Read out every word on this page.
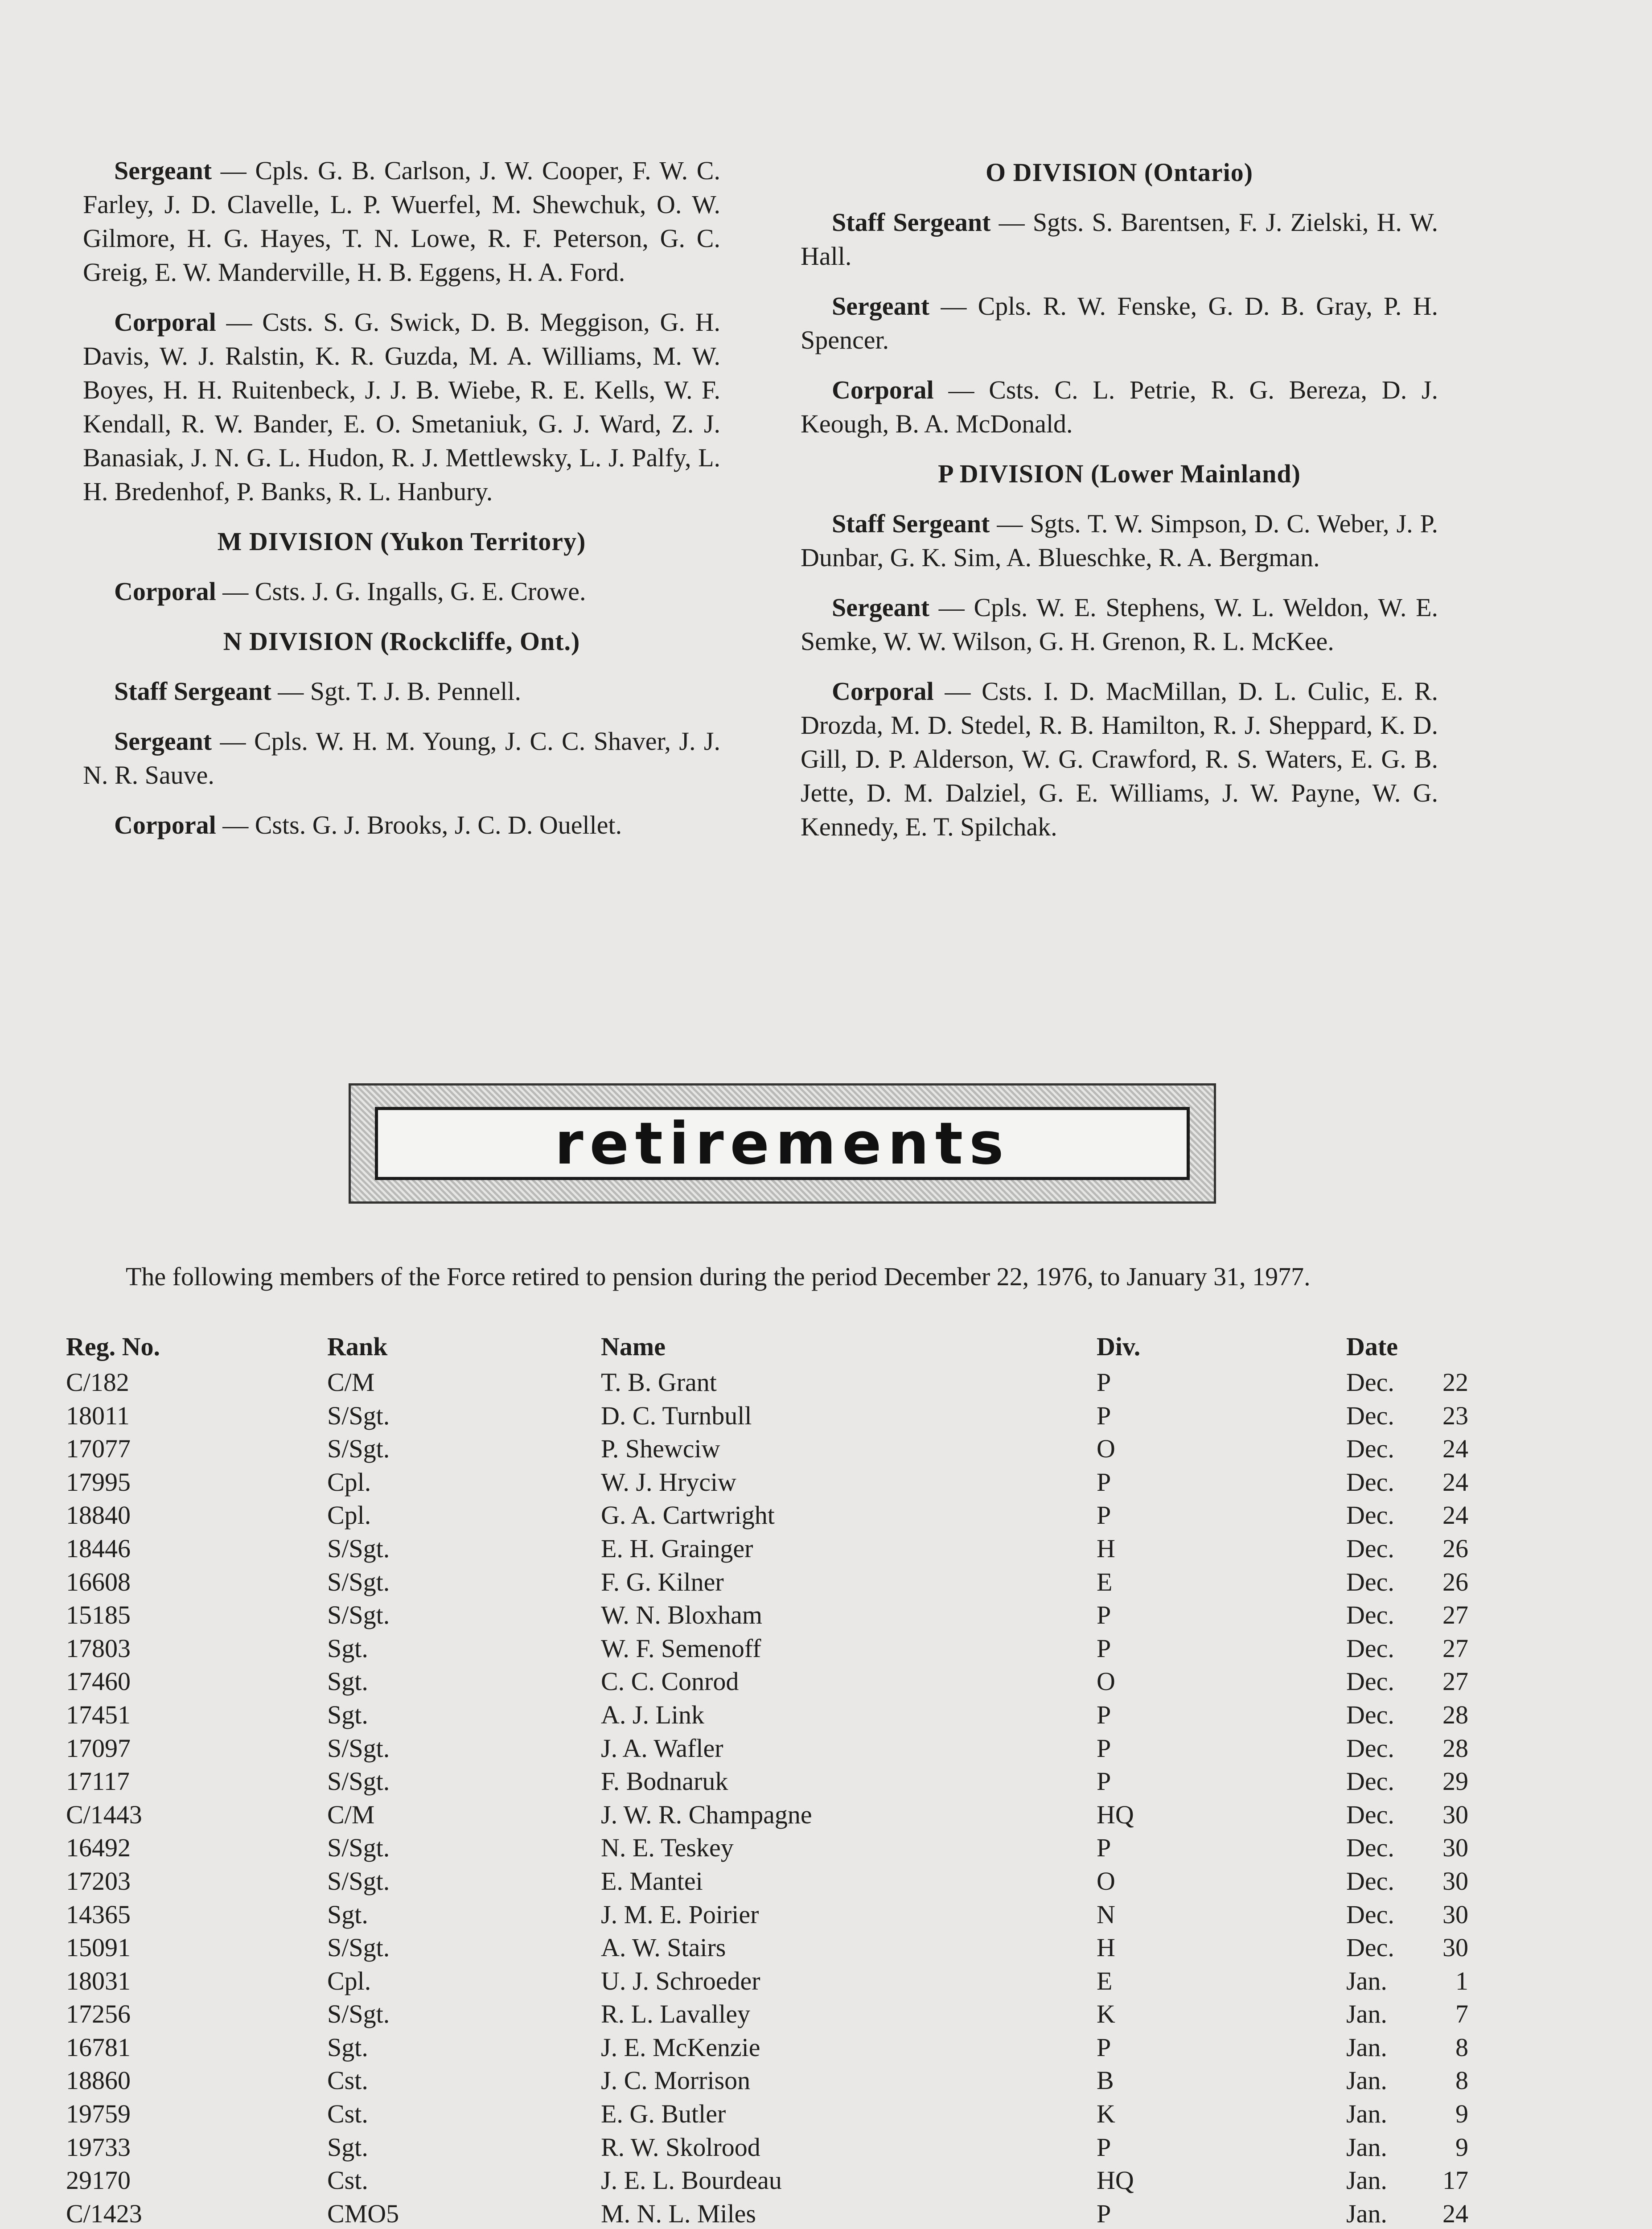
Sergeant — Cpls. G. B. Carlson, J. W. Cooper, F. W. C. Farley, J. D. Clavelle, L. P. Wuerfel, M. Shewchuk, O. W. Gilmore, H. G. Hayes, T. N. Lowe, R. F. Peterson, G. C. Greig, E. W. Manderville, H. B. Eggens, H. A. Ford.

Corporal — Csts. S. G. Swick, D. B. Meggison, G. H. Davis, W. J. Ralstin, K. R. Guzda, M. A. Williams, M. W. Boyes, H. H. Ruitenbeck, J. J. B. Wiebe, R. E. Kells, W. F. Kendall, R. W. Bander, E. O. Smetaniuk, G. J. Ward, Z. J. Banasiak, J. N. G. L. Hudon, R. J. Mettlewsky, L. J. Palfy, L. H. Bredenhof, P. Banks, R. L. Hanbury.

M DIVISION (Yukon Territory)

Corporal — Csts. J. G. Ingalls, G. E. Crowe.

N DIVISION (Rockcliffe, Ont.)

Staff Sergeant — Sgt. T. J. B. Pennell.

Sergeant — Cpls. W. H. M. Young, J. C. C. Shaver, J. J. N. R. Sauve.

Corporal — Csts. G. J. Brooks, J. C. D. Ouellet.

O DIVISION (Ontario)

Staff Sergeant — Sgts. S. Barentsen, F. J. Zielski, H. W. Hall.

Sergeant — Cpls. R. W. Fenske, G. D. B. Gray, P. H. Spencer.

Corporal — Csts. C. L. Petrie, R. G. Bereza, D. J. Keough, B. A. McDonald.

P DIVISION (Lower Mainland)

Staff Sergeant — Sgts. T. W. Simpson, D. C. Weber, J. P. Dunbar, G. K. Sim, A. Blueschke, R. A. Bergman.

Sergeant — Cpls. W. E. Stephens, W. L. Weldon, W. E. Semke, W. W. Wilson, G. H. Grenon, R. L. McKee.

Corporal — Csts. I. D. MacMillan, D. L. Culic, E. R. Drozda, M. D. Stedel, R. B. Hamilton, R. J. Sheppard, K. D. Gill, D. P. Alderson, W. G. Crawford, R. S. Waters, E. G. B. Jette, D. M. Dalziel, G. E. Williams, J. W. Payne, W. G. Kennedy, E. T. Spilchak.

retirements
The following members of the Force retired to pension during the period December 22, 1976, to January 31, 1977.
Reg. No.	Rank	Name	Div.	Date
C/182	C/M	T. B. Grant	P	Dec.	22
18011	S/Sgt.	D. C. Turnbull	P	Dec.	23
17077	S/Sgt.	P. Shewciw	O	Dec.	24
17995	Cpl.	W. J. Hryciw	P	Dec.	24
18840	Cpl.	G. A. Cartwright	P	Dec.	24
18446	S/Sgt.	E. H. Grainger	H	Dec.	26
16608	S/Sgt.	F. G. Kilner	E	Dec.	26
15185	S/Sgt.	W. N. Bloxham	P	Dec.	27
17803	Sgt.	W. F. Semenoff	P	Dec.	27
17460	Sgt.	C. C. Conrod	O	Dec.	27
17451	Sgt.	A. J. Link	P	Dec.	28
17097	S/Sgt.	J. A. Wafler	P	Dec.	28
17117	S/Sgt.	F. Bodnaruk	P	Dec.	29
C/1443	C/M	J. W. R. Champagne	HQ	Dec.	30
16492	S/Sgt.	N. E. Teskey	P	Dec.	30
17203	S/Sgt.	E. Mantei	O	Dec.	30
14365	Sgt.	J. M. E. Poirier	N	Dec.	30
15091	S/Sgt.	A. W. Stairs	H	Dec.	30
18031	Cpl.	U. J. Schroeder	E	Jan.	1
17256	S/Sgt.	R. L. Lavalley	K	Jan.	7
16781	Sgt.	J. E. McKenzie	P	Jan.	8
18860	Cst.	J. C. Morrison	B	Jan.	8
19759	Cst.	E. G. Butler	K	Jan.	9
19733	Sgt.	R. W. Skolrood	P	Jan.	9
29170	Cst.	J. E. L. Bourdeau	HQ	Jan.	17
C/1423	CMO5	M. N. L. Miles	P	Jan.	24
